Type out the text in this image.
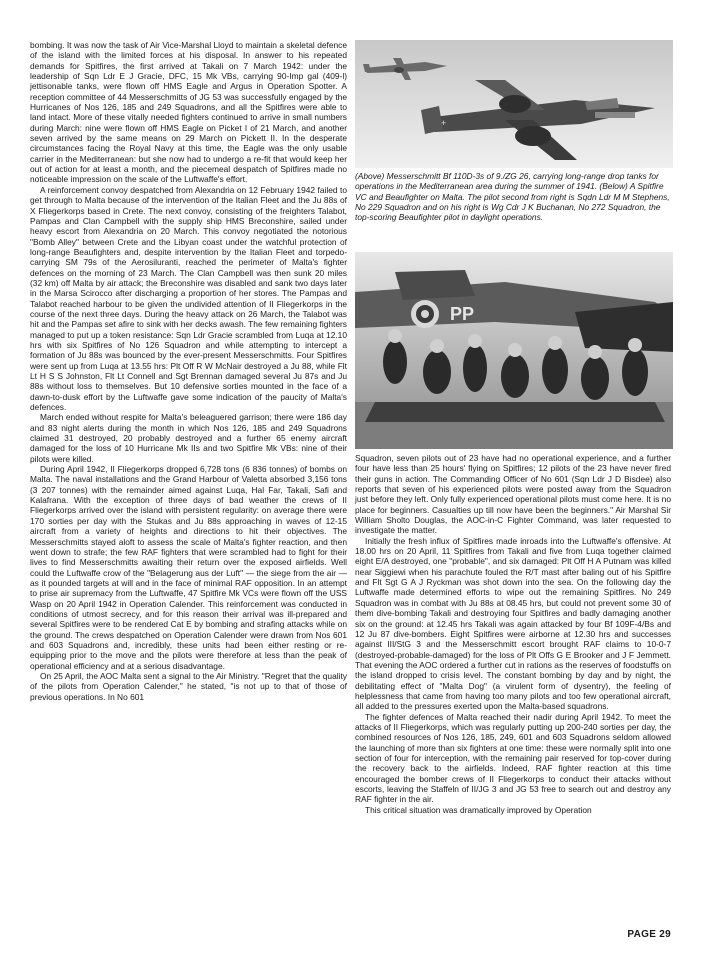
bombing. It was now the task of Air Vice-Marshal Lloyd to maintain a skeletal defence of the island with the limited forces at his disposal. In answer to his repeated demands for Spitfires, the first arrived at Takali on 7 March 1942: under the leadership of Sqn Ldr E J Gracie, DFC, 15 Mk VBs, carrying 90-Imp gal (409-l) jettisonable tanks, were flown off HMS Eagle and Argus in Operation Spotter. A reception committee of 44 Messerschmitts of JG 53 was successfully engaged by the Hurricanes of Nos 126, 185 and 249 Squadrons, and all the Spitfires were able to land intact. More of these vitally needed fighters continued to arrive in small numbers during March: nine were flown off HMS Eagle on Picket I of 21 March, and another seven arrived by the same means on 29 March on Pickett II. In the desperate circumstances facing the Royal Navy at this time, the Eagle was the only usable carrier in the Mediterranean: but she now had to undergo a re-fit that would keep her out of action for at least a month, and the piecemeal despatch of Spitfires made no noticeable impression on the scale of the Luftwaffe's effort.

A reinforcement convoy despatched from Alexandria on 12 February 1942 failed to get through to Malta because of the intervention of the Italian Fleet and the Ju 88s of X Fliegerkorps based in Crete. The next convoy, consisting of the freighters Talabot, Pampas and Clan Campbell with the supply ship HMS Breconshire, sailed under heavy escort from Alexandria on 20 March. This convoy negotiated the notorious "Bomb Alley" between Crete and the Libyan coast under the watchful protection of long-range Beaufighters and, despite intervention by the Italian Fleet and torpedo-carrying SM 79s of the Aerosiluranti, reached the perimeter of Malta's fighter defences on the morning of 23 March. The Clan Campbell was then sunk 20 miles (32 km) off Malta by air attack; the Breconshire was disabled and sank two days later in the Marsa Scirocco after discharging a proportion of her stores. The Pampas and Talabot reached harbour to be given the undivided attention of II Fliegerkorps in the course of the next three days. During the heavy attack on 26 March, the Talabot was hit and the Pampas set afire to sink with her decks awash. The few remaining fighters managed to put up a token resistance: Sqn Ldr Gracie scrambled from Luqa at 12.10 hrs with six Spitfires of No 126 Squadron and while attempting to intercept a formation of Ju 88s was bounced by the ever-present Messerschmitts. Four Spitfires were sent up from Luqa at 13.55 hrs: Plt Off R W McNair destroyed a Ju 88, while Flt Lt H S S Johnston, Flt Lt Connell and Sgt Brennan damaged several Ju 87s and Ju 88s without loss to themselves. But 10 defensive sorties mounted in the face of a dawn-to-dusk effort by the Luftwaffe gave some indication of the paucity of Malta's defences.

March ended without respite for Malta's beleaguered garrison; there were 186 day and 83 night alerts during the month in which Nos 126, 185 and 249 Squadrons claimed 31 destroyed, 20 probably destroyed and a further 65 enemy aircraft damaged for the loss of 10 Hurricane Mk IIs and two Spitfire Mk VBs: nine of their pilots were killed.

During April 1942, II Fliegerkorps dropped 6,728 tons (6 836 tonnes) of bombs on Malta. The naval installations and the Grand Harbour of Valetta absorbed 3,156 tons (3 207 tonnes) with the remainder aimed against Luqa, Hal Far, Takali, Safi and Kalafrana. With the exception of three days of bad weather the crews of II Fliegerkorps arrived over the island with persistent regularity: on average there were 170 sorties per day with the Stukas and Ju 88s approaching in waves of 12-15 aircraft from a variety of heights and directions to hit their objectives. The Messerschmitts stayed aloft to assess the scale of Malta's fighter reaction, and then went down to strafe; the few RAF fighters that were scrambled had to fight for their lives to find Messerschmitts awaiting their return over the exposed airfields. Well could the Luftwaffe crow of the "Belagerung aus der Luft" — the siege from the air — as it pounded targets at will and in the face of minimal RAF opposition. In an attempt to prise air supremacy from the Luftwaffe, 47 Spitfire Mk VCs were flown off the USS Wasp on 20 April 1942 in Operation Calender. This reinforcement was conducted in conditions of utmost secrecy, and for this reason their arrival was ill-prepared and several Spitfires were to be rendered Cat E by bombing and strafing attacks while on the ground. The crews despatched on Operation Calender were drawn from Nos 601 and 603 Squadrons and, incredibly, these units had been either resting or re-equipping prior to the move and the pilots were therefore at less than the peak of operational efficiency and at a serious disadvantage.

On 25 April, the AOC Malta sent a signal to the Air Ministry. "Regret that the quality of the pilots from Operation Calender," he stated, "is not up to that of those of previous operations. In No 601

+
(Above) Messerschmitt Bf 110D-3s of 9./ZG 26, carrying long-range drop tanks for operations in the Mediterranean area during the summer of 1941. (Below) A Spitfire VC and Beaufighter on Malta. The pilot second from right is Sqdn Ldr M M Stephens, No 229 Squadron and on his right is Wg Cdr J K Buchanan, No 272 Squadron, the top-scoring Beaufighter pilot in daylight operations.
PP

Squadron, seven pilots out of 23 have had no operational experience, and a further four have less than 25 hours' flying on Spitfires; 12 pilots of the 23 have never fired their guns in action. The Commanding Officer of No 601 (Sqn Ldr J D Bisdee) also reports that seven of his experienced pilots were posted away from the Squadron just before they left. Only fully experienced operational pilots must come here. It is no place for beginners. Casualties up till now have been the beginners." Air Marshal Sir William Sholto Douglas, the AOC-in-C Fighter Command, was later requested to investigate the matter.

Initially the fresh influx of Spitfires made inroads into the Luftwaffe's offensive. At 18.00 hrs on 20 April, 11 Spitfires from Takali and five from Luqa together claimed eight E/A destroyed, one "probable", and six damaged: Plt Off H A Putnam was killed near Siggiewi when his parachute fouled the R/T mast after baling out of his Spitfire and Flt Sgt G A J Ryckman was shot down into the sea. On the following day the Luftwaffe made determined efforts to wipe out the remaining Spitfires. No 249 Squadron was in combat with Ju 88s at 08.45 hrs, but could not prevent some 30 of them dive-bombing Takali and destroying four Spitfires and badly damaging another six on the ground: at 12.45 hrs Takali was again attacked by four Bf 109F-4/Bs and 12 Ju 87 dive-bombers. Eight Spitfires were airborne at 12.30 hrs and successes against III/StG 3 and the Messerschmitt escort brought RAF claims to 10-0-7 (destroyed-probable-damaged) for the loss of Plt Offs G E Brooker and J F Jemmett. That evening the AOC ordered a further cut in rations as the reserves of foodstuffs on the island dropped to crisis level. The constant bombing by day and by night, the debilitating effect of "Malta Dog" (a virulent form of dysentry), the feeling of helplessness that came from having too many pilots and too few operational aircraft, all added to the pressures exerted upon the Malta-based squadrons.

The fighter defences of Malta reached their nadir during April 1942. To meet the attacks of II Fliegerkorps, which was regularly putting up 200-240 sorties per day, the combined resources of Nos 126, 185, 249, 601 and 603 Squadrons seldom allowed the launching of more than six fighters at one time: these were normally split into one section of four for interception, with the remaining pair reserved for top-cover during the recovery back to the airfields. Indeed, RAF fighter reaction at this time encouraged the bomber crews of II Fliegerkorps to conduct their attacks without escorts, leaving the Staffeln of II/JG 3 and JG 53 free to search out and destroy any RAF fighter in the air.

This critical situation was dramatically improved by Operation

PAGE 29
